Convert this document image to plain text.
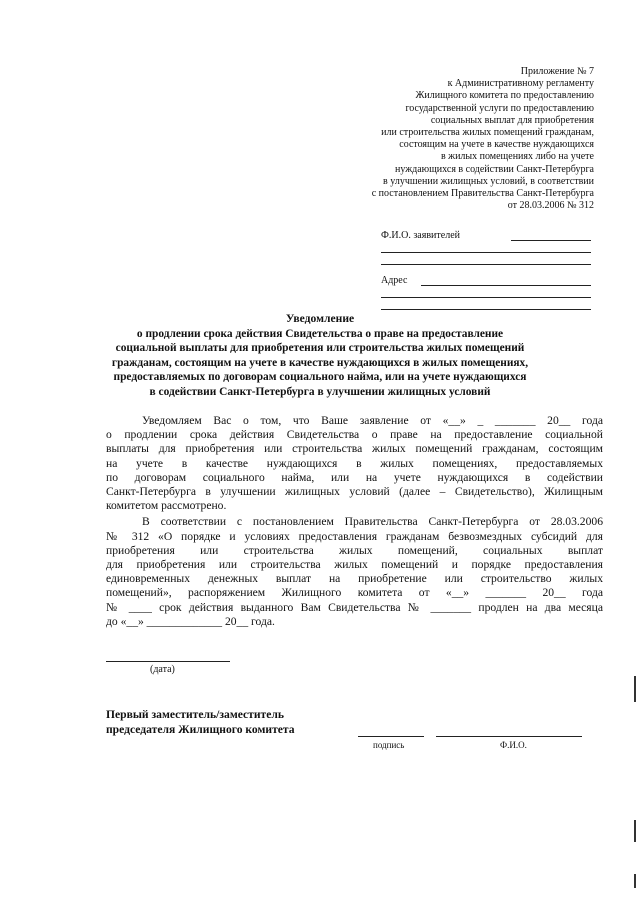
Приложение № 7
к Административному регламенту
Жилищного комитета по предоставлению
государственной услуги по предоставлению
социальных выплат для приобретения
или строительства жилых помещений гражданам,
состоящим на учете в качестве нуждающихся
в жилых помещениях либо на учете
нуждающихся в содействии Санкт-Петербурга
в улучшении жилищных условий, в соответствии
с постановлением Правительства Санкт-Петербурга
от 28.03.2006 № 312
Ф.И.О. заявителей
Адрес
Уведомление
о продлении срока действия Свидетельства о праве на предоставление
социальной выплаты для приобретения или строительства жилых помещений
гражданам, состоящим на учете в качестве нуждающихся в жилых помещениях,
предоставляемых по договорам социального найма, или на учете нуждающихся
в содействии Санкт-Петербурга в улучшении жилищных условий
Уведомляем Вас о том, что Ваше заявление от «__» _ _______ 20__ года
о продлении срока действия Свидетельства о праве на предоставление социальной
выплаты для приобретения или строительства жилых помещений гражданам, состоящим
на учете в качестве нуждающихся в жилых помещениях, предоставляемых
по договорам социального найма, или на учете нуждающихся в содействии
Санкт-Петербурга в улучшении жилищных условий (далее – Свидетельство), Жилищным
комитетом рассмотрено.
В соответствии с постановлением Правительства Санкт-Петербурга от 28.03.2006
№ 312 «О порядке и условиях предоставления гражданам безвозмездных субсидий для
приобретения или строительства жилых помещений, социальных выплат
для приобретения или строительства жилых помещений и порядке предоставления
единовременных денежных выплат на приобретение или строительство жилых
помещений», распоряжением Жилищного комитета от «__» _______ 20__ года
№ ____ срок действия выданного Вам Свидетельства № _______ продлен на два месяца
до «__» _____________ 20__ года.
(дата)
Первый заместитель/заместитель
председателя Жилищного комитета
подпись	Ф.И.О.
